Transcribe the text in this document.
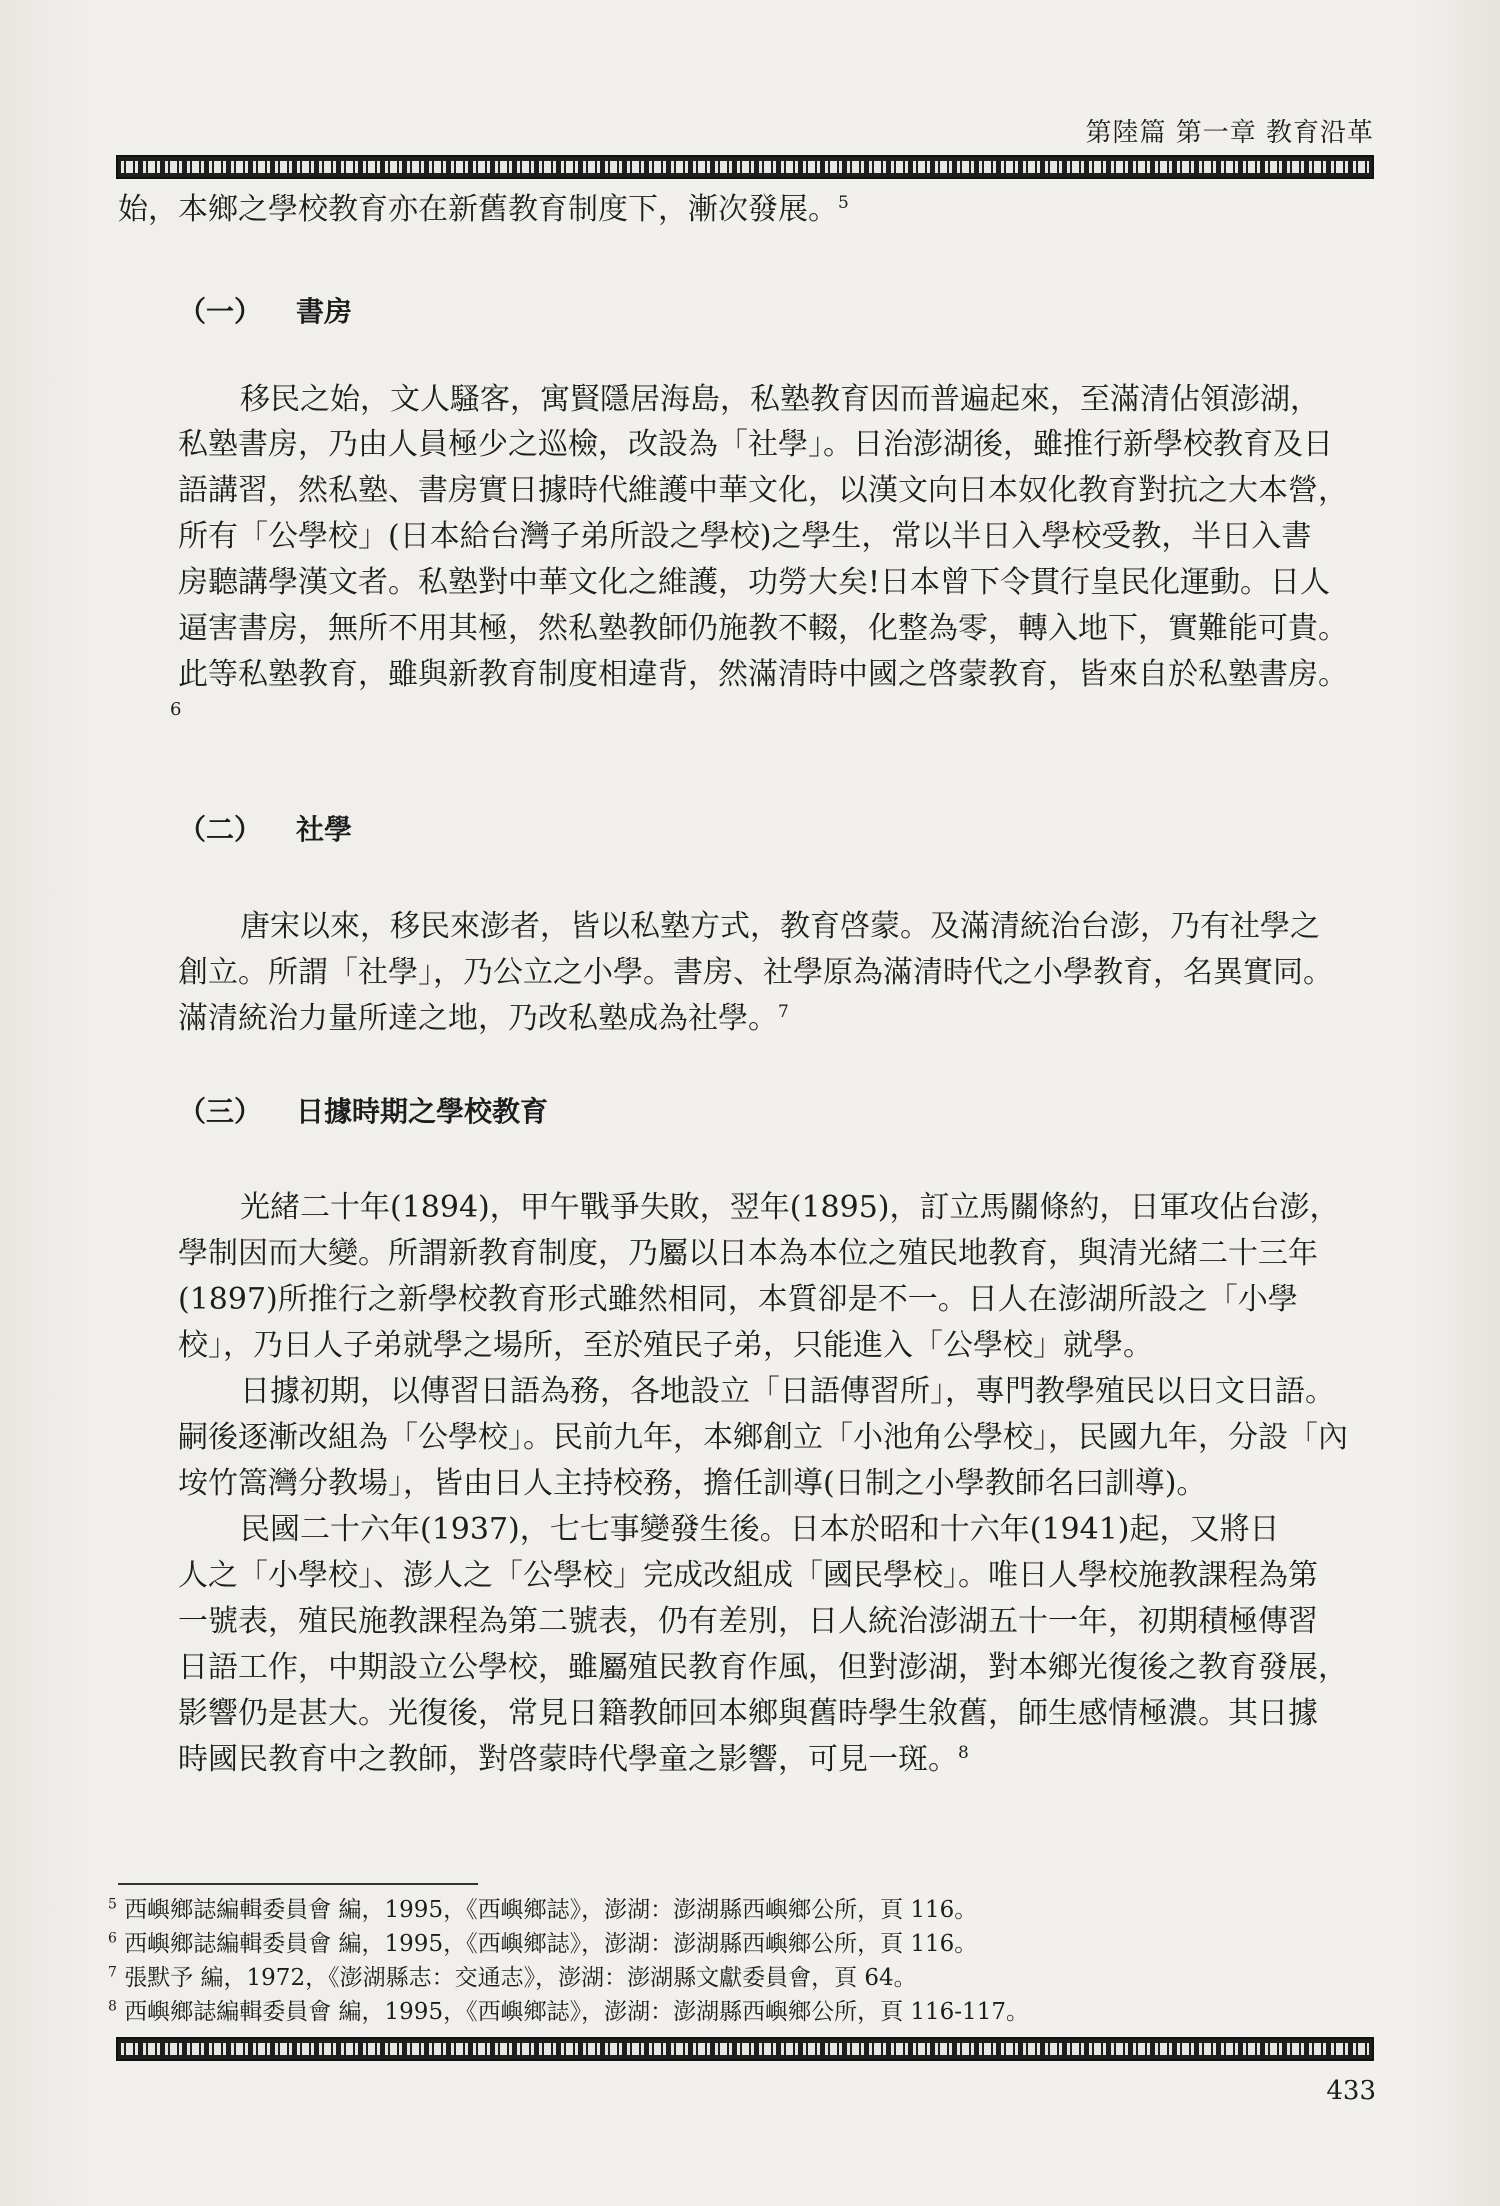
第陸篇 第一章 教育沿革
始，本鄉之學校教育亦在新舊教育制度下，漸次發展。$^5$
（一） 書房
移民之始，文人騷客，寓賢隱居海島，私塾教育因而普遍起來，至滿清佔領澎湖，
私塾書房，乃由人員極少之巡檢，改設為「社學」。日治澎湖後，雖推行新學校教育及日
語講習，然私塾、書房實日據時代維護中華文化，以漢文向日本奴化教育對抗之大本營，
所有「公學校」(日本給台灣子弟所設之學校)之學生，常以半日入學校受教，半日入書
房聽講學漢文者。私塾對中華文化之維護，功勞大矣!日本曾下令貫行皇民化運動。日人
逼害書房，無所不用其極，然私塾教師仍施教不輟，化整為零，轉入地下，實難能可貴。
此等私塾教育，雖與新教育制度相違背，然滿清時中國之啓蒙教育，皆來自於私塾書房。
6
（二） 社學
唐宋以來，移民來澎者，皆以私塾方式，教育啓蒙。及滿清統治台澎，乃有社學之
創立。所謂「社學」，乃公立之小學。書房、社學原為滿清時代之小學教育，名異實同。
滿清統治力量所達之地，乃改私塾成為社學。$^7$
（三） 日據時期之學校教育
光緒二十年(1894)，甲午戰爭失敗，翌年(1895)，訂立馬關條約，日軍攻佔台澎，
學制因而大變。所謂新教育制度，乃屬以日本為本位之殖民地教育，與清光緒二十三年
(1897)所推行之新學校教育形式雖然相同，本質卻是不一。日人在澎湖所設之「小學
校」，乃日人子弟就學之場所，至於殖民子弟，只能進入「公學校」就學。
日據初期，以傳習日語為務，各地設立「日語傳習所」，專門教學殖民以日文日語。
嗣後逐漸改組為「公學校」。民前九年，本鄉創立「小池角公學校」，民國九年，分設「內
垵竹篙灣分教場」，皆由日人主持校務，擔任訓導(日制之小學教師名曰訓導)。
民國二十六年(1937)，七七事變發生後。日本於昭和十六年(1941)起，又將日
人之「小學校」、澎人之「公學校」完成改組成「國民學校」。唯日人學校施教課程為第
一號表，殖民施教課程為第二號表，仍有差別，日人統治澎湖五十一年，初期積極傳習
日語工作，中期設立公學校，雖屬殖民教育作風，但對澎湖，對本鄉光復後之教育發展，
影響仍是甚大。光復後，常見日籍教師回本鄉與舊時學生敘舊，師生感情極濃。其日據
時國民教育中之教師，對啓蒙時代學童之影響，可見一斑。$^8$
$^5$ 西嶼鄉誌編輯委員會 編，1995，《西嶼鄉誌》，澎湖：澎湖縣西嶼鄉公所，頁 116。
$^6$ 西嶼鄉誌編輯委員會 編，1995，《西嶼鄉誌》，澎湖：澎湖縣西嶼鄉公所，頁 116。
$^7$ 張默予 編，1972，《澎湖縣志：交通志》，澎湖：澎湖縣文獻委員會，頁 64。
$^8$ 西嶼鄉誌編輯委員會 編，1995，《西嶼鄉誌》，澎湖：澎湖縣西嶼鄉公所，頁 116-117。
433
